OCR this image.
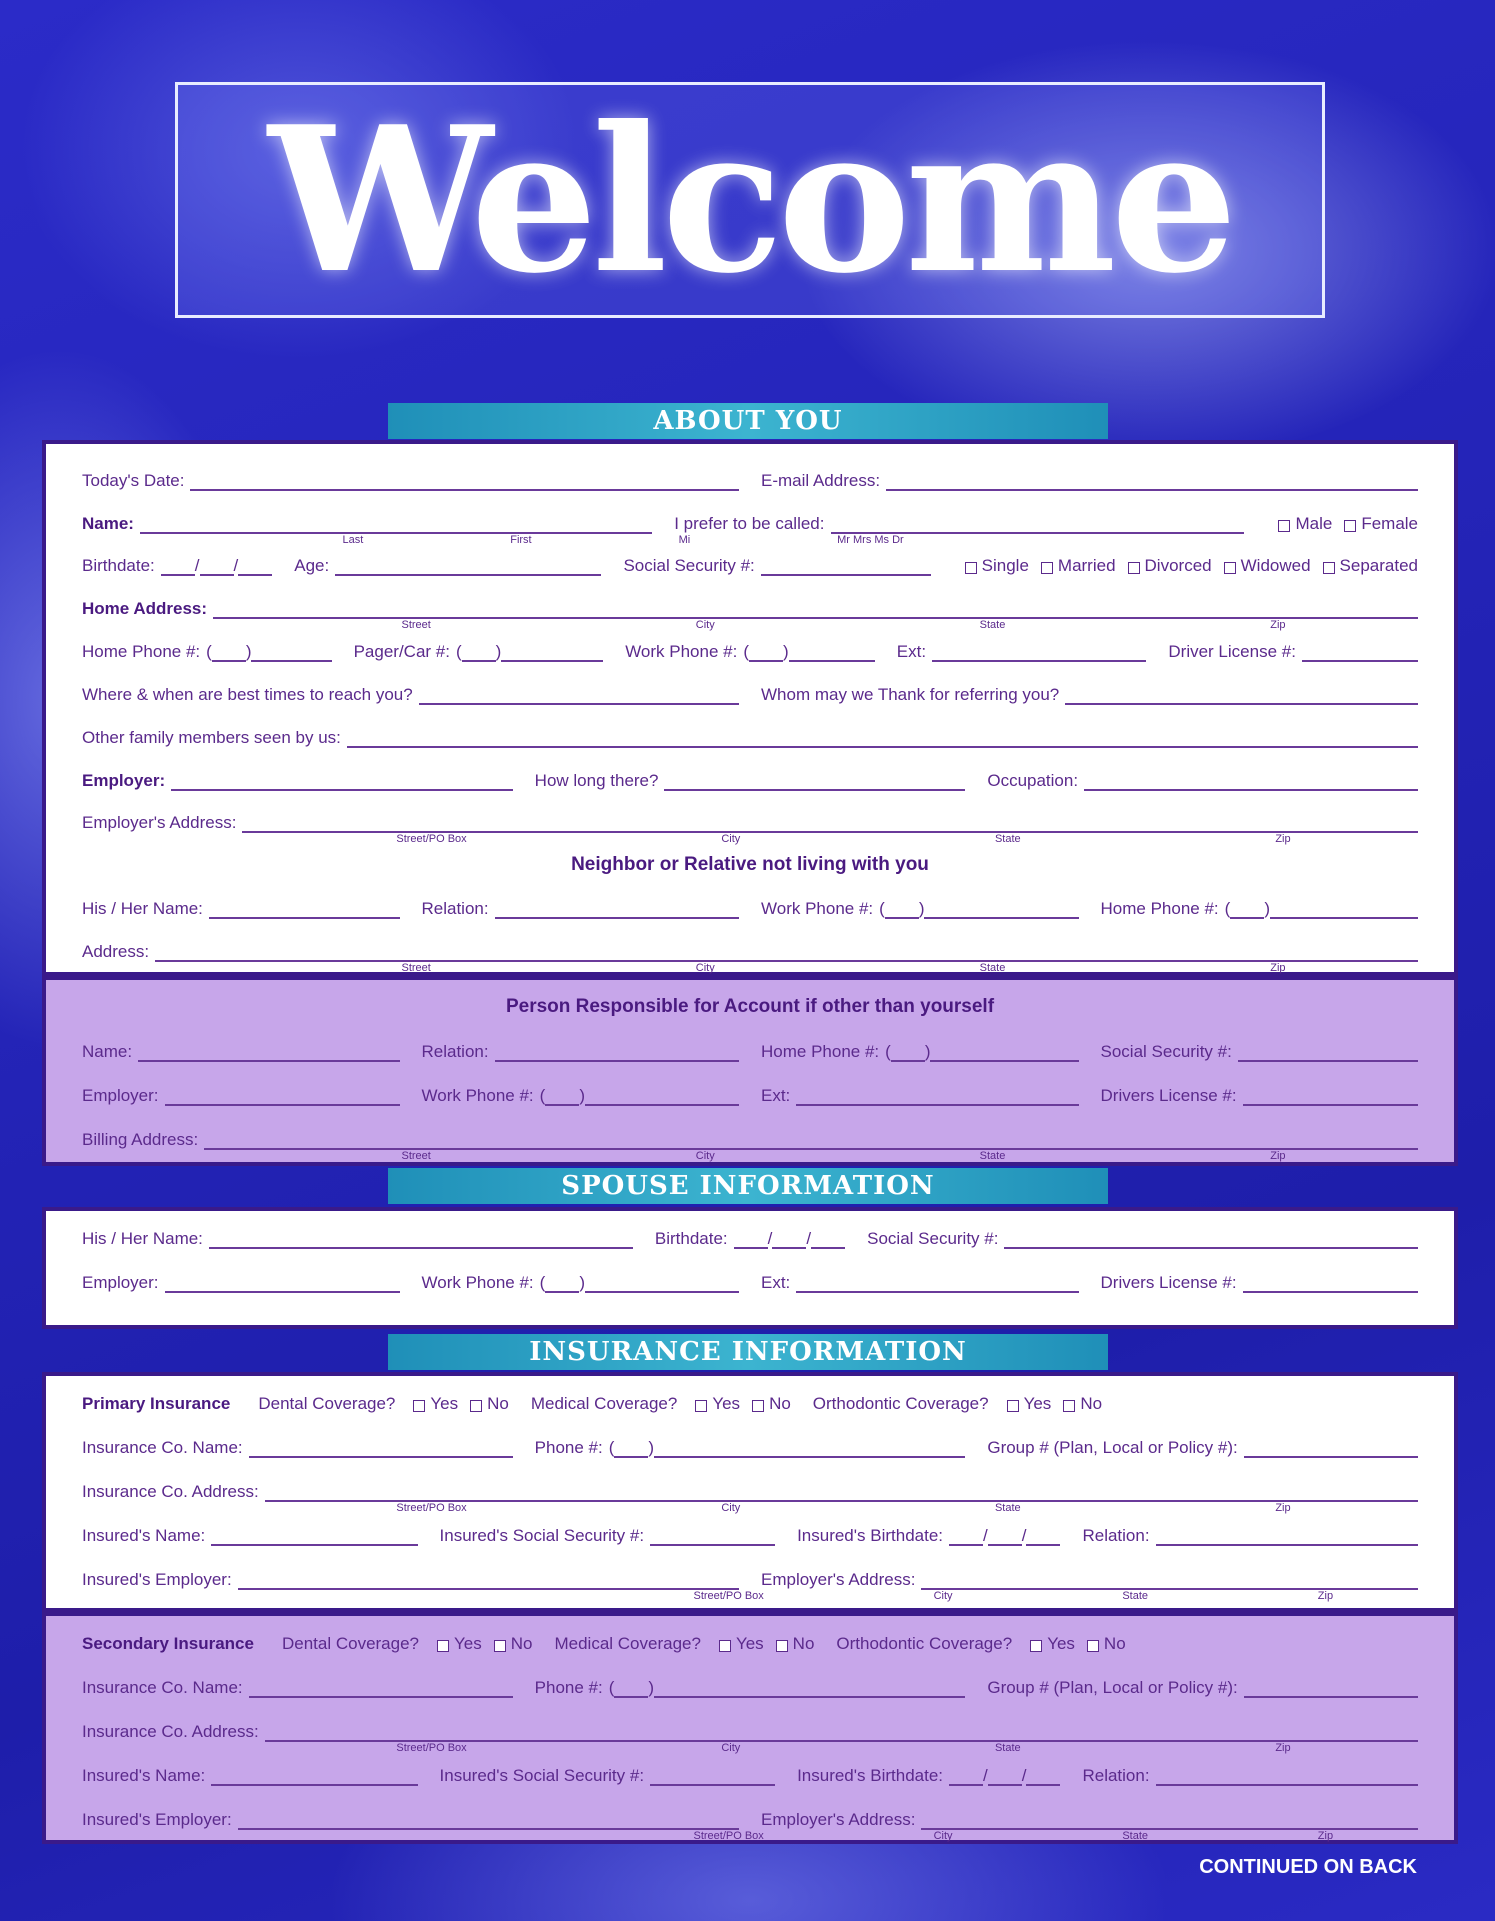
Welcome
ABOUT YOU
Today's Date:	E-mail Address:
Name:	I prefer to be called:	Male Female
Last	First	Mi	Mr Mrs Ms Dr
Birthdate: / /	Age:	Social Security #:	Single Married Divorced Widowed Separated
Home Address:
Street	City	State	Zip
Home Phone #: ( )	Pager/Car #: ( )	Work Phone #: ( )	Ext:	Driver License #:
Where & when are best times to reach you?	Whom may we Thank for referring you?
Other family members seen by us:
Employer:	How long there?	Occupation:
Employer's Address:
Street/PO Box	City	State	Zip
Neighbor or Relative not living with you
His / Her Name:	Relation:	Work Phone #: ( )	Home Phone #: ( )
Address:
Street	City	State	Zip
Person Responsible for Account if other than yourself
Name:	Relation:	Home Phone #: ( )	Social Security #:
Employer:	Work Phone #: ( )	Ext:	Drivers License #:
Billing Address:
Street	City	State	Zip
SPOUSE INFORMATION
His / Her Name:	Birthdate: / /	Social Security #:
Employer:	Work Phone #: ( )	Ext:	Drivers License #:
INSURANCE INFORMATION
Primary Insurance Dental Coverage? Yes No Medical Coverage? Yes No Orthodontic Coverage? Yes No
Insurance Co. Name:	Phone #: ( )	Group # (Plan, Local or Policy #):
Insurance Co. Address:
Street/PO Box	City	State	Zip
Insured's Name:	Insured's Social Security #:	Insured's Birthdate: / /	Relation:
Insured's Employer:	Employer's Address:
Street/PO Box	City	State	Zip
Secondary Insurance Dental Coverage? Yes No Medical Coverage? Yes No Orthodontic Coverage? Yes No
Insurance Co. Name:	Phone #: ( )	Group # (Plan, Local or Policy #):
Insurance Co. Address:
Street/PO Box	City	State	Zip
Insured's Name:	Insured's Social Security #:	Insured's Birthdate: / /	Relation:
Insured's Employer:	Employer's Address:
Street/PO Box	City	State	Zip
CONTINUED ON BACK
